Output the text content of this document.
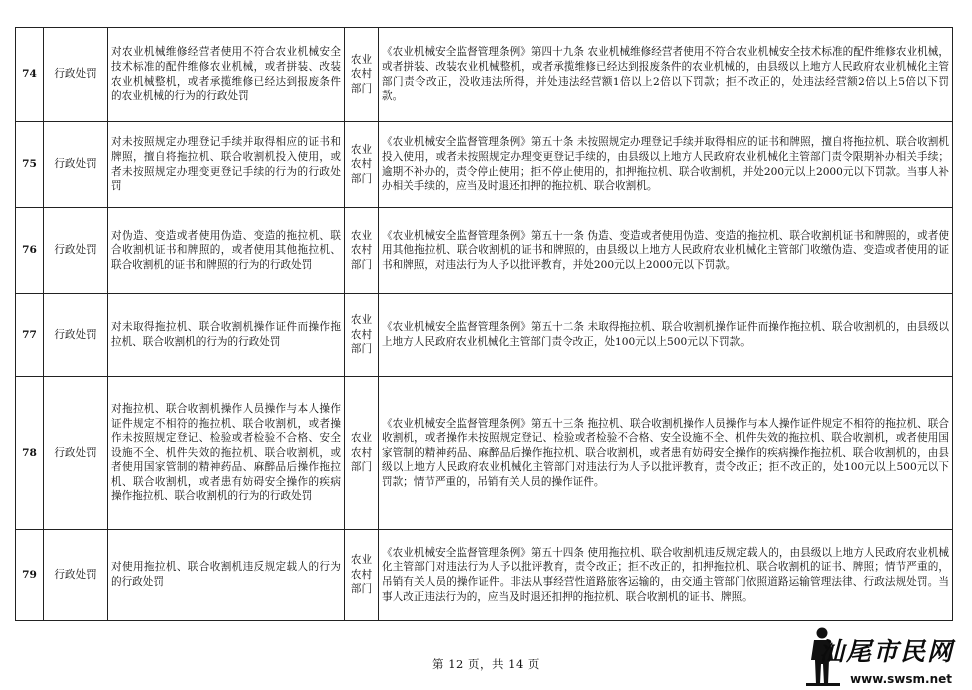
74	行政处罚	对农业机械维修经营者使用不符合农业机械安全技术标准的配件维修农业机械，或者拼装、改装农业机械整机，或者承揽维修已经达到报废条件的农业机械的行为的行政处罚	农业农村部门	《农业机械安全监督管理条例》第四十九条 农业机械维修经营者使用不符合农业机械安全技术标准的配件维修农业机械，或者拼装、改装农业机械整机，或者承揽维修已经达到报废条件的农业机械的，由县级以上地方人民政府农业机械化主管部门责令改正，没收违法所得，并处违法经营额1倍以上2倍以下罚款；拒不改正的，处违法经营额2倍以上5倍以下罚款。

75	行政处罚	对未按照规定办理登记手续并取得相应的证书和牌照，擅自将拖拉机、联合收割机投入使用，或者未按照规定办理变更登记手续的行为的行政处罚	农业农村部门	《农业机械安全监督管理条例》第五十条 未按照规定办理登记手续并取得相应的证书和牌照，擅自将拖拉机、联合收割机投入使用，或者未按照规定办理变更登记手续的，由县级以上地方人民政府农业机械化主管部门责令限期补办相关手续；逾期不补办的，责令停止使用；拒不停止使用的，扣押拖拉机、联合收割机，并处200元以上2000元以下罚款。当事人补办相关手续的，应当及时退还扣押的拖拉机、联合收割机。

76	行政处罚	对伪造、变造或者使用伪造、变造的拖拉机、联合收割机证书和牌照的，或者使用其他拖拉机、联合收割机的证书和牌照的行为的行政处罚	农业农村部门	《农业机械安全监督管理条例》第五十一条 伪造、变造或者使用伪造、变造的拖拉机、联合收割机证书和牌照的，或者使用其他拖拉机、联合收割机的证书和牌照的，由县级以上地方人民政府农业机械化主管部门收缴伪造、变造或者使用的证书和牌照，对违法行为人予以批评教育，并处200元以上2000元以下罚款。

77	行政处罚	对未取得拖拉机、联合收割机操作证件而操作拖拉机、联合收割机的行为的行政处罚	农业农村部门	《农业机械安全监督管理条例》第五十二条 未取得拖拉机、联合收割机操作证件而操作拖拉机、联合收割机的，由县级以上地方人民政府农业机械化主管部门责令改正，处100元以上500元以下罚款。

78	行政处罚	对拖拉机、联合收割机操作人员操作与本人操作证件规定不相符的拖拉机、联合收割机，或者操作未按照规定登记、检验或者检验不合格、安全设施不全、机件失效的拖拉机、联合收割机，或者使用国家管制的精神药品、麻醉品后操作拖拉机、联合收割机，或者患有妨碍安全操作的疾病操作拖拉机、联合收割机的行为的行政处罚	农业农村部门	《农业机械安全监督管理条例》第五十三条 拖拉机、联合收割机操作人员操作与本人操作证件规定不相符的拖拉机、联合收割机，或者操作未按照规定登记、检验或者检验不合格、安全设施不全、机件失效的拖拉机、联合收割机，或者使用国家管制的精神药品、麻醉品后操作拖拉机、联合收割机，或者患有妨碍安全操作的疾病操作拖拉机、联合收割机的，由县级以上地方人民政府农业机械化主管部门对违法行为人予以批评教育，责令改正；拒不改正的，处100元以上500元以下罚款；情节严重的，吊销有关人员的操作证件。

79	行政处罚	对使用拖拉机、联合收割机违反规定载人的行为的行政处罚	农业农村部门	《农业机械安全监督管理条例》第五十四条 使用拖拉机、联合收割机违反规定载人的，由县级以上地方人民政府农业机械化主管部门对违法行为人予以批评教育，责令改正；拒不改正的，扣押拖拉机、联合收割机的证书、牌照；情节严重的，吊销有关人员的操作证件。非法从事经营性道路旅客运输的，由交通主管部门依照道路运输管理法律、行政法规处罚。当事人改正违法行为的，应当及时退还扣押的拖拉机、联合收割机的证书、牌照。
第 12 页，共 14 页	汕尾市民网
www.swsm.net
